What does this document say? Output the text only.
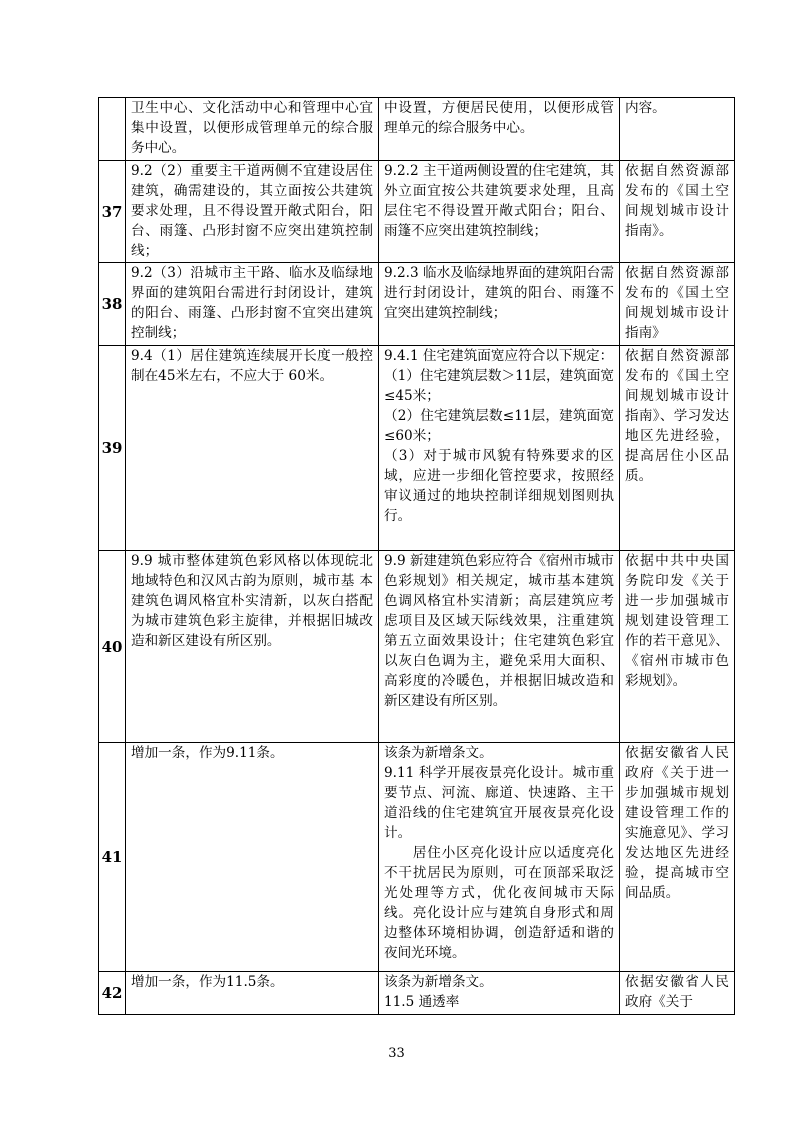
	卫生中心、文化活动中心和管理中心宜集中设置，以便形成管理单元的综合服务中心。	中设置，方便居民使用，以便形成管理单元的综合服务中心。	内容。
37	9.2（2）重要主干道两侧不宜建设居住建筑，确需建设的，其立面按公共建筑要求处理，且不得设置开敞式阳台，阳台、雨篷、凸形封窗不应突出建筑控制线；	9.2.2 主干道两侧设置的住宅建筑，其外立面宜按公共建筑要求处理，且高层住宅不得设置开敞式阳台；阳台、雨篷不应突出建筑控制线；	依据自然资源部发布的《国土空间规划城市设计指南》。
38	9.2（3）沿城市主干路、临水及临绿地界面的建筑阳台需进行封闭设计，建筑的阳台、雨篷、凸形封窗不宜突出建筑控制线；	9.2.3 临水及临绿地界面的建筑阳台需进行封闭设计，建筑的阳台、雨篷不宜突出建筑控制线；	依据自然资源部发布的《国土空间规划城市设计指南》
39	9.4（1）居住建筑连续展开长度一般控制在45米左右，不应大于 60米。	9.4.1 住宅建筑面宽应符合以下规定：
（1）住宅建筑层数＞11层，建筑面宽≤45米；
（2）住宅建筑层数≤11层，建筑面宽≤60米；
（3）对于城市风貌有特殊要求的区域，应进一步细化管控要求，按照经审议通过的地块控制详细规划图则执行。	依据自然资源部发布的《国土空间规划城市设计指南》、学习发达地区先进经验，提高居住小区品质。
40	9.9 城市整体建筑色彩风格以体现皖北地域特色和汉风古韵为原则，城市基 本建筑色调风格宜朴实清新，以灰白搭配为城市建筑色彩主旋律，并根据旧城改 造和新区建设有所区别。	9.9 新建建筑色彩应符合《宿州市城市色彩规划》相关规定，城市基本建筑色调风格宜朴实清新；高层建筑应考虑项目及区域天际线效果，注重建筑第五立面效果设计；住宅建筑色彩宜以灰白色调为主，避免采用大面积、高彩度的冷暖色，并根据旧城改造和新区建设有所区别。	依据中共中央国务院印发《关于进一步加强城市规划建设管理工作的若干意见》、《宿州市城市色彩规划》。
41	增加一条，作为9.11条。	该条为新增条文。
9.11 科学开展夜景亮化设计。城市重要节点、河流、廊道、快速路、主干道沿线的住宅建筑宜开展夜景亮化设计。
　　居住小区亮化设计应以适度亮化不干扰居民为原则，可在顶部采取泛光处理等方式，优化夜间城市天际线。亮化设计应与建筑自身形式和周边整体环境相协调，创造舒适和谐的夜间光环境。	依据安徽省人民政府《关于进一步加强城市规划建设管理工作的实施意见》、学习发达地区先进经验，提高城市空间品质。
42	增加一条，作为11.5条。	该条为新增条文。
11.5 通透率	依据安徽省人民政府《关于
33
